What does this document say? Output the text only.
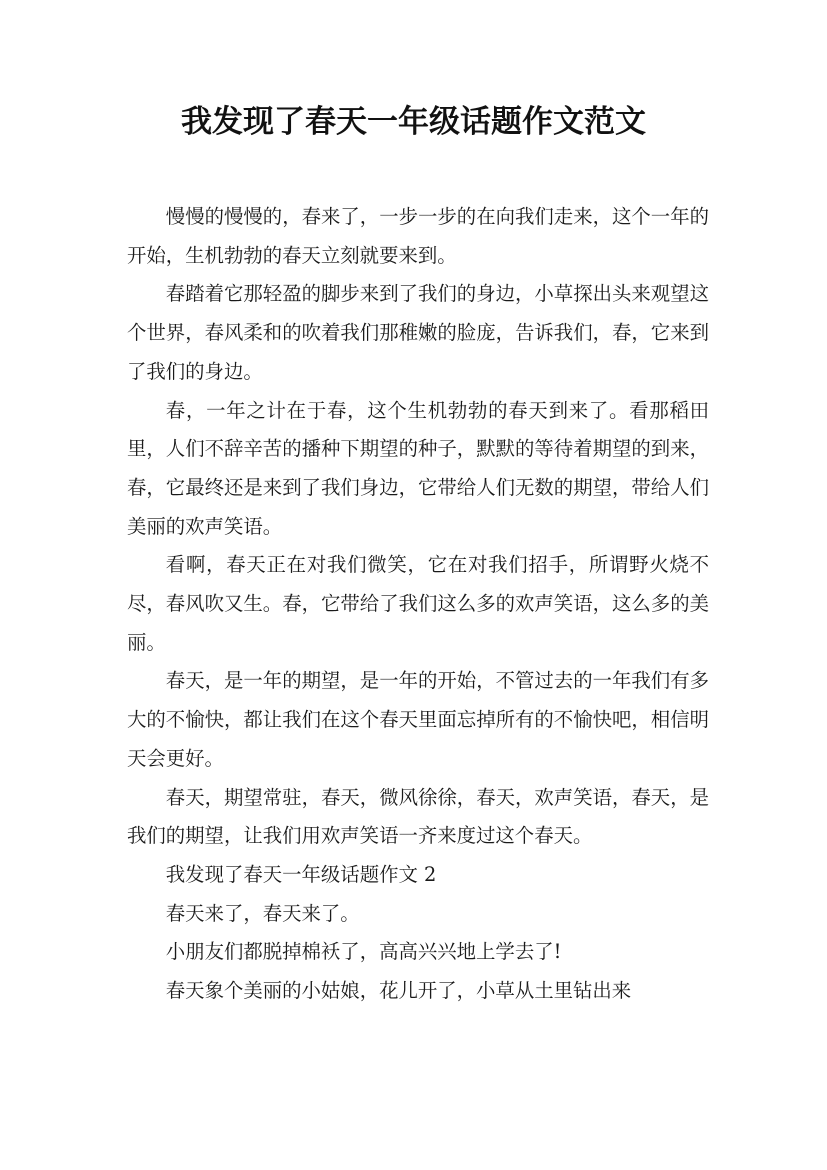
我发现了春天一年级话题作文范文

慢慢的慢慢的，春来了，一步一步的在向我们走来，这个一年的开始，生机勃勃的春天立刻就要来到。

春踏着它那轻盈的脚步来到了我们的身边，小草探出头来观望这个世界，春风柔和的吹着我们那稚嫩的脸庞，告诉我们，春，它来到了我们的身边。

春，一年之计在于春，这个生机勃勃的春天到来了。看那稻田里，人们不辞辛苦的播种下期望的种子，默默的等待着期望的到来，春，它最终还是来到了我们身边，它带给人们无数的期望，带给人们美丽的欢声笑语。

看啊，春天正在对我们微笑，它在对我们招手，所谓野火烧不尽，春风吹又生。春，它带给了我们这么多的欢声笑语，这么多的美丽。

春天，是一年的期望，是一年的开始，不管过去的一年我们有多大的不愉快，都让我们在这个春天里面忘掉所有的不愉快吧，相信明天会更好。

春天，期望常驻，春天，微风徐徐，春天，欢声笑语，春天，是我们的期望，让我们用欢声笑语一齐来度过这个春天。

我发现了春天一年级话题作文 2

春天来了，春天来了。

小朋友们都脱掉棉袄了，高高兴兴地上学去了!

春天象个美丽的小姑娘，花儿开了，小草从土里钻出来
